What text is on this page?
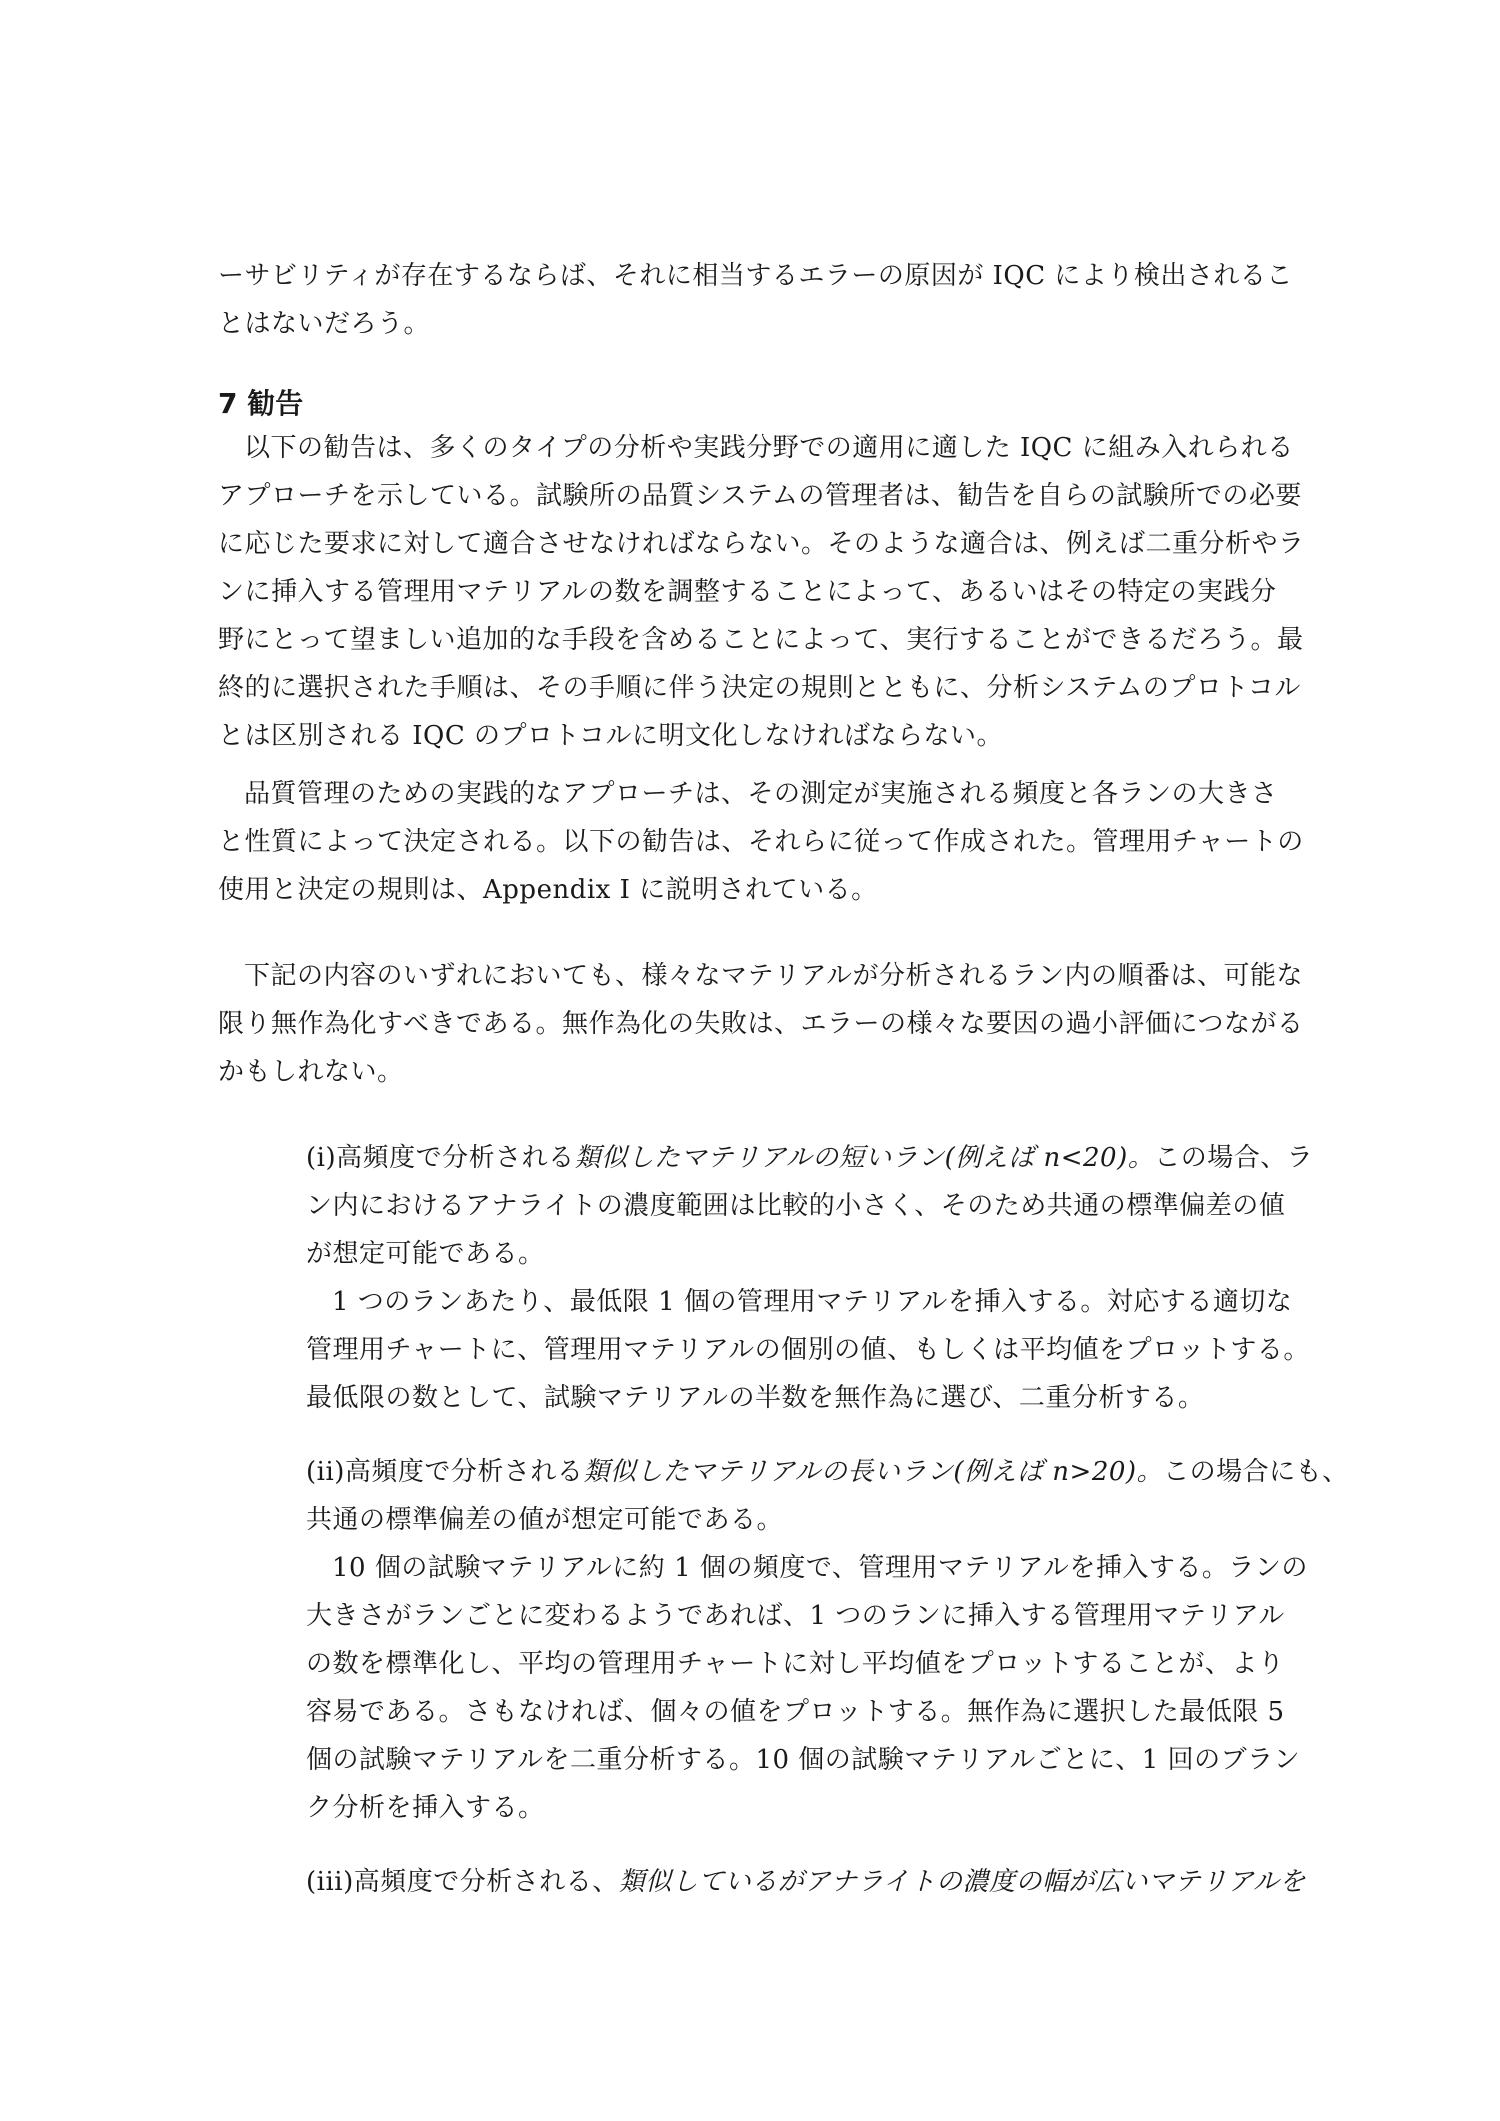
ーサビリティが存在するならば、それに相当するエラーの原因が IQC により検出されるこ
とはないだろう。
7 勧告
以下の勧告は、多くのタイプの分析や実践分野での適用に適した IQC に組み入れられる
アプローチを示している。試験所の品質システムの管理者は、勧告を自らの試験所での必要
に応じた要求に対して適合させなければならない。そのような適合は、例えば二重分析やラ
ンに挿入する管理用マテリアルの数を調整することによって、あるいはその特定の実践分
野にとって望ましい追加的な手段を含めることによって、実行することができるだろう。最
終的に選択された手順は、その手順に伴う決定の規則とともに、分析システムのプロトコル
とは区別される IQC のプロトコルに明文化しなければならない。
品質管理のための実践的なアプローチは、その測定が実施される頻度と各ランの大きさ
と性質によって決定される。以下の勧告は、それらに従って作成された。管理用チャートの
使用と決定の規則は、Appendix I に説明されている。
下記の内容のいずれにおいても、様々なマテリアルが分析されるラン内の順番は、可能な
限り無作為化すべきである。無作為化の失敗は、エラーの様々な要因の過小評価につながる
かもしれない。
(i)高頻度で分析される類似したマテリアルの短いラン(例えば n<20)。この場合、ラ
ン内におけるアナライトの濃度範囲は比較的小さく、そのため共通の標準偏差の値
が想定可能である。
1 つのランあたり、最低限 1 個の管理用マテリアルを挿入する。対応する適切な
管理用チャートに、管理用マテリアルの個別の値、もしくは平均値をプロットする。
最低限の数として、試験マテリアルの半数を無作為に選び、二重分析する。
(ii)高頻度で分析される類似したマテリアルの長いラン(例えば n>20)。この場合にも、
共通の標準偏差の値が想定可能である。
10 個の試験マテリアルに約 1 個の頻度で、管理用マテリアルを挿入する。ランの
大きさがランごとに変わるようであれば、1 つのランに挿入する管理用マテリアル
の数を標準化し、平均の管理用チャートに対し平均値をプロットすることが、より
容易である。さもなければ、個々の値をプロットする。無作為に選択した最低限 5
個の試験マテリアルを二重分析する。10 個の試験マテリアルごとに、1 回のブラン
ク分析を挿入する。
(iii)高頻度で分析される、類似しているがアナライトの濃度の幅が広いマテリアルを
